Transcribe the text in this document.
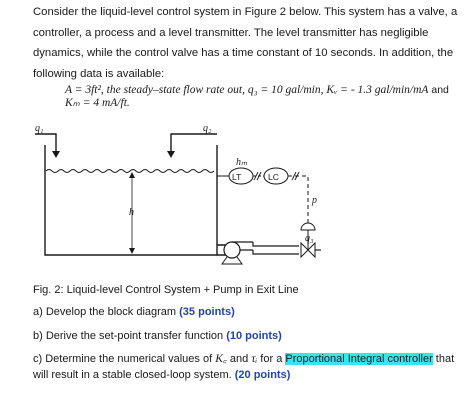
Consider the liquid-level control system in Figure 2 below. This system has a valve, a controller, a process and a level transmitter. The level transmitter has negligible dynamics, while the control valve has a time constant of 10 seconds. In addition, the following data is available:
A = 3ft², the steady–state flow rate out, q₃ = 10 gal/min, Kᵥ = - 1.3 gal/min/mA and
Kₘ = 4 mA/ft.
h
q₁	q₂
LT
hₘ
LC
p
q₃
Fig. 2: Liquid-level Control System + Pump in Exit Line
a) Develop the block diagram (35 points)
b) Derive the set-point transfer function (10 points)
c) Determine the numerical values of K꜀ and τᵢ for a Proportional Integral controller that will result in a stable closed-loop system. (20 points)
